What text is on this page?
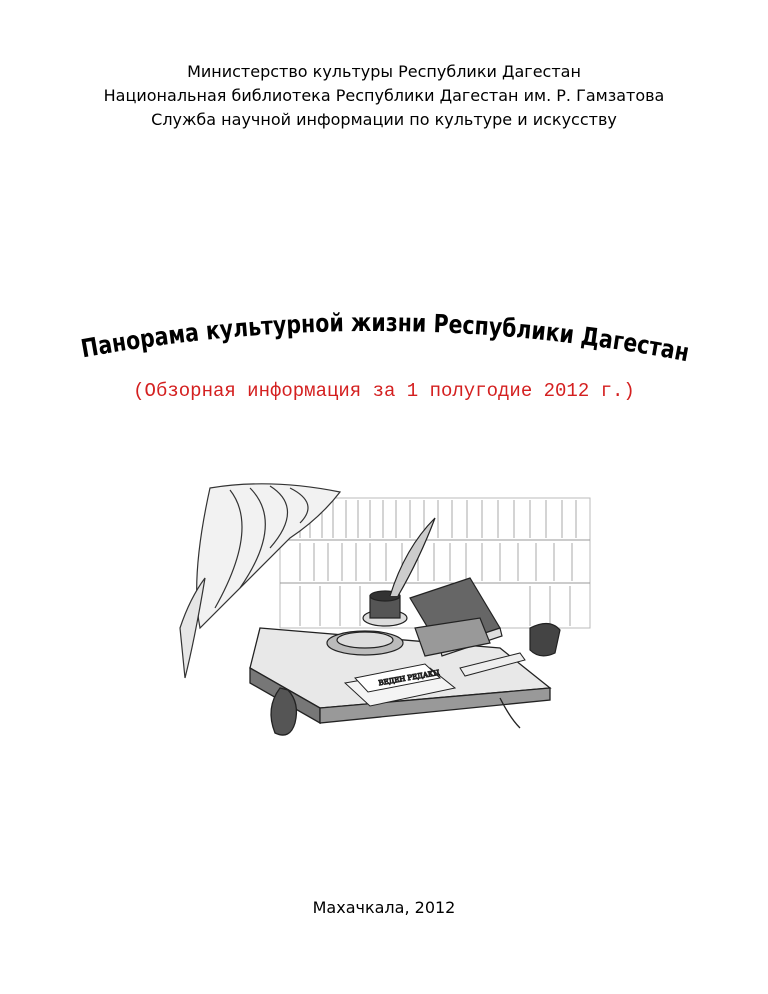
Министерство культуры Республики Дагестан
Национальная библиотека Республики Дагестан им. Р. Гамзатова
Служба научной информации по культуре и искусству
Панорама культурной жизни Республики Дагестан
(Обзорная информация за 1 полугодие 2012 г.)
ВЕДЕН РЕДАКЦ
Махачкала, 2012
